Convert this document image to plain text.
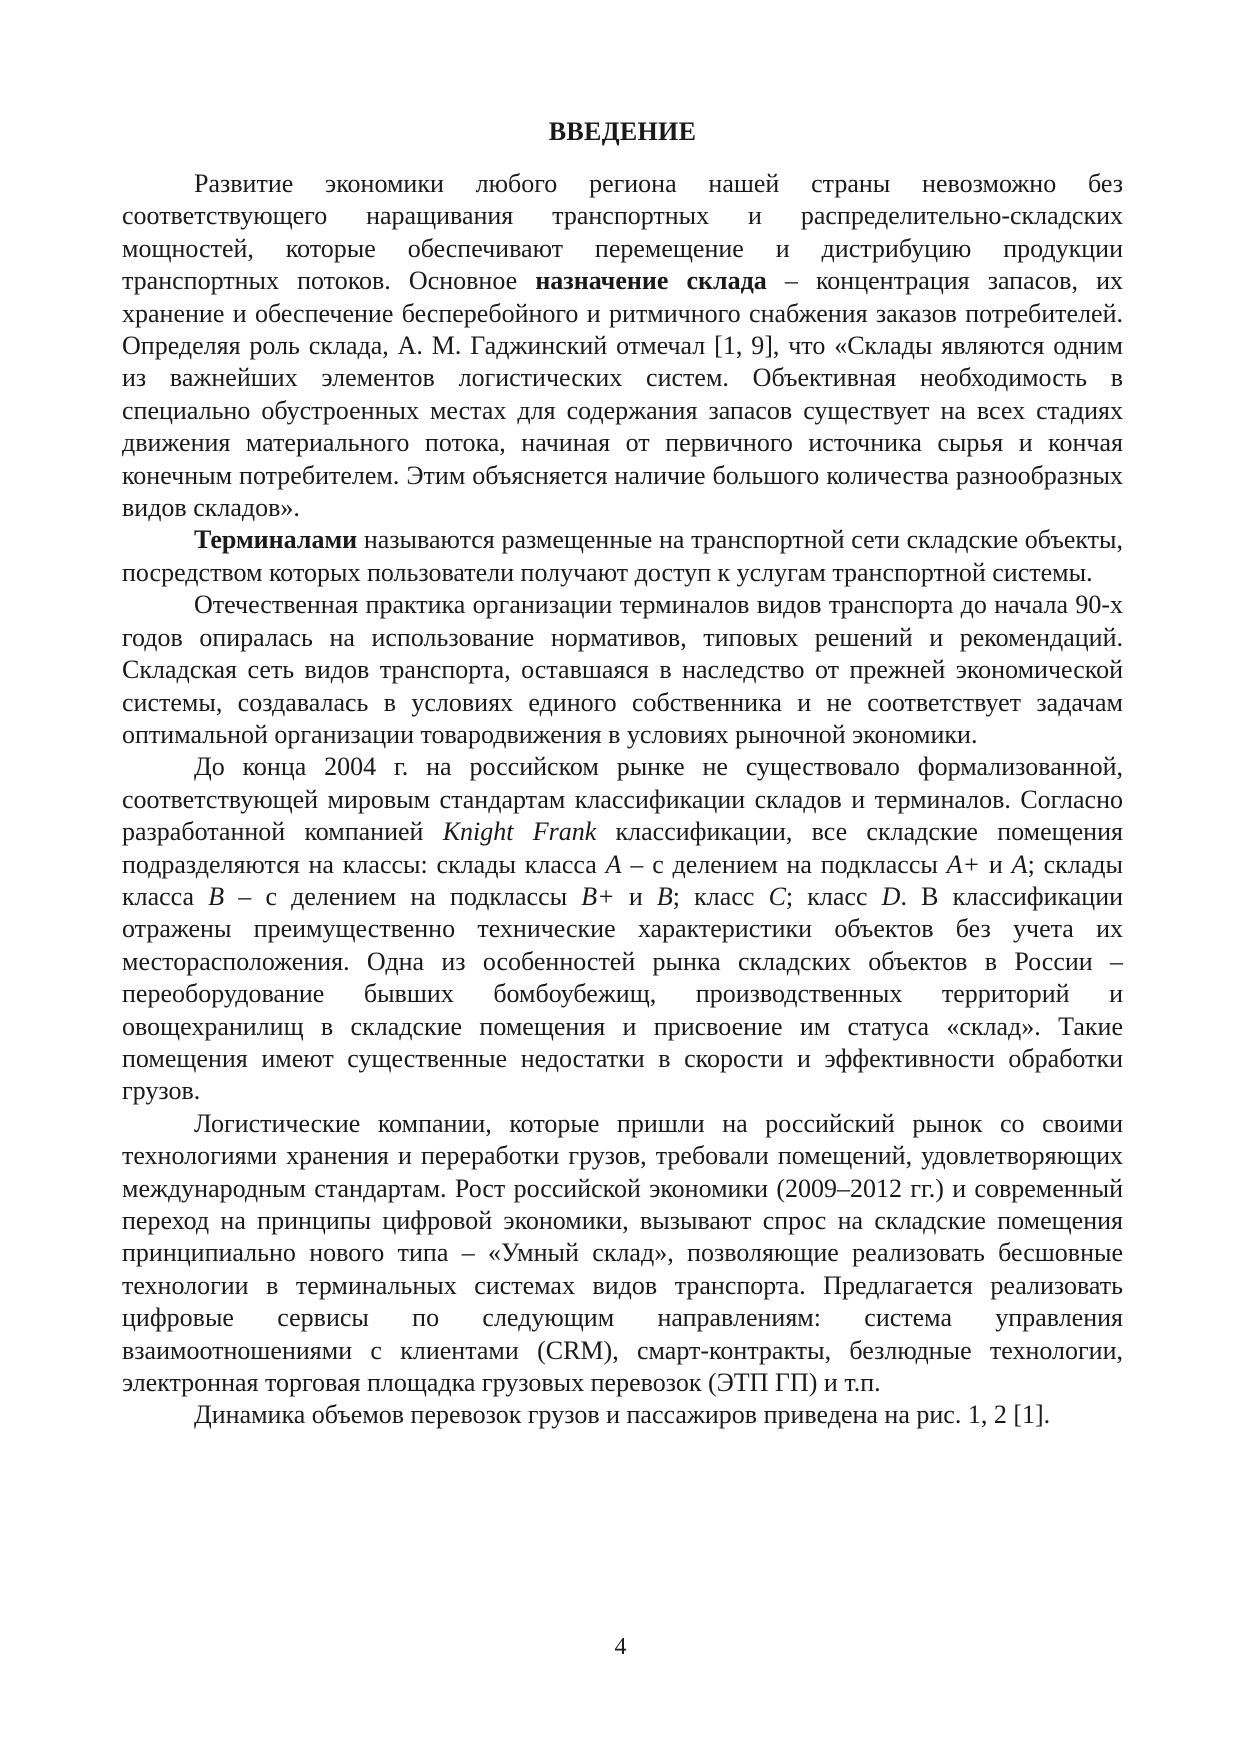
ВВЕДЕНИЕ

Развитие экономики любого региона нашей страны невозможно без соответствующего наращивания транспортных и распределительно-складских мощностей, которые обеспечивают перемещение и дистрибуцию продукции транспортных потоков. Основное назначение склада – концентрация запасов, их хранение и обеспечение бесперебойного и ритмичного снабжения заказов потребителей. Определяя роль склада, А. М. Гаджинский отмечал [1, 9], что «Склады являются одним из важнейших элементов логистических систем. Объективная необходимость в специально обустроенных местах для содержания запасов существует на всех стадиях движения материального потока, начиная от первичного источника сырья и кончая конечным потребителем. Этим объясняется наличие большого количества разнообразных видов складов».

Терминалами называются размещенные на транспортной сети складские объекты, посредством которых пользователи получают доступ к услугам транспортной системы.

Отечественная практика организации терминалов видов транспорта до начала 90-х годов опиралась на использование нормативов, типовых решений и рекомендаций. Складская сеть видов транспорта, оставшаяся в наследство от прежней экономической системы, создавалась в условиях единого собственника и не соответствует задачам оптимальной организации товародвижения в условиях рыночной экономики.

До конца 2004 г. на российском рынке не существовало формализованной, соответствующей мировым стандартам классификации складов и терминалов. Согласно разработанной компанией Knight Frank классификации, все складские помещения подразделяются на классы: склады класса А – с делением на подклассы А+ и А; склады класса В – с делением на подклассы В+ и В; класс С; класс D. В классификации отражены преимущественно технические характеристики объектов без учета их месторасположения. Одна из особенностей рынка складских объектов в России – переоборудование бывших бомбоубежищ, производственных территорий и овощехранилищ в складские помещения и присвоение им статуса «склад». Такие помещения имеют существенные недостатки в скорости и эффективности обработки грузов.

Логистические компании, которые пришли на российский рынок со своими технологиями хранения и переработки грузов, требовали помещений, удовлетворяющих международным стандартам. Рост российской экономики (2009–2012 гг.) и современный переход на принципы цифровой экономики, вызывают спрос на складские помещения принципиально нового типа – «Умный склад», позволяющие реализовать бесшовные технологии в терминальных системах видов транспорта. Предлагается реализовать цифровые сервисы по следующим направлениям: система управления взаимоотношениями с клиентами (CRM), смарт-контракты, безлюдные технологии, электронная торговая площадка грузовых перевозок (ЭТП ГП) и т.п.

Динамика объемов перевозок грузов и пассажиров приведена на рис. 1, 2 [1].

4
